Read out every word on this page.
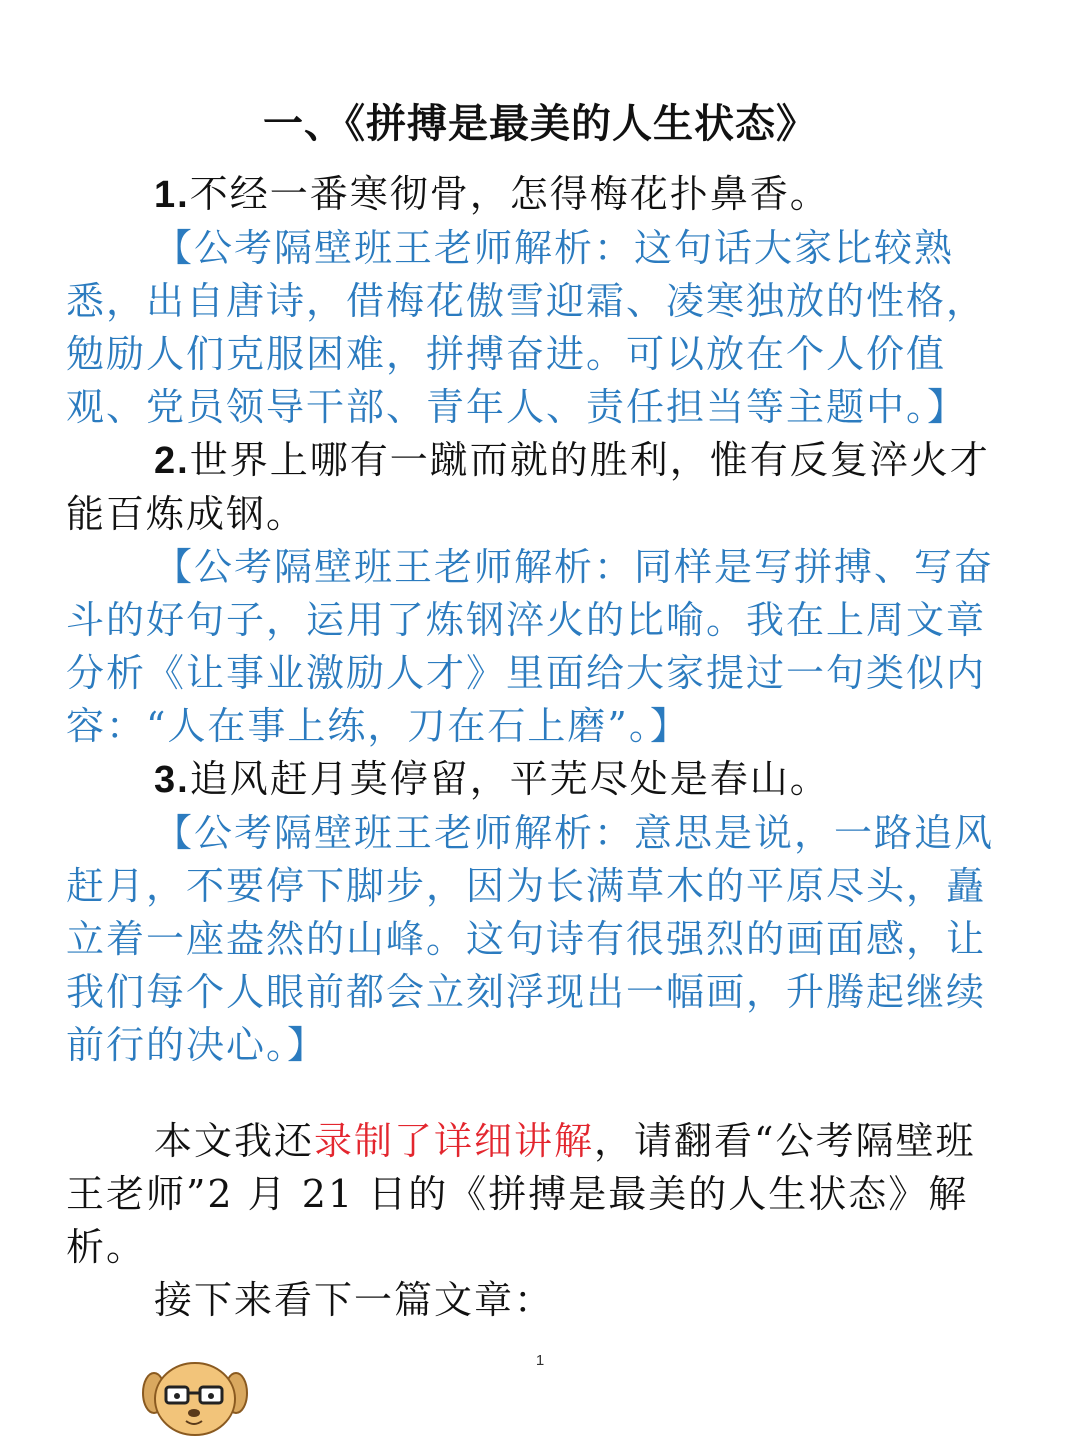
一、《拼搏是最美的人生状态》

1.不经一番寒彻骨，怎得梅花扑鼻香。

【公考隔壁班王老师解析：这句话大家比较熟悉，出自唐诗，借梅花傲雪迎霜、凌寒独放的性格，勉励人们克服困难，拼搏奋进。可以放在个人价值观、党员领导干部、青年人、责任担当等主题中。】

2.世界上哪有一蹴而就的胜利，惟有反复淬火才能百炼成钢。

【公考隔壁班王老师解析：同样是写拼搏、写奋斗的好句子，运用了炼钢淬火的比喻。我在上周文章分析《让事业激励人才》里面给大家提过一句类似内容：“人在事上练，刀在石上磨”。】

3.追风赶月莫停留，平芜尽处是春山。

【公考隔壁班王老师解析：意思是说，一路追风赶月，不要停下脚步，因为长满草木的平原尽头，矗立着一座盎然的山峰。这句诗有很强烈的画面感，让我们每个人眼前都会立刻浮现出一幅画，升腾起继续前行的决心。】

本文我还录制了详细讲解，请翻看“公考隔壁班王老师”2 月 21 日的《拼搏是最美的人生状态》解析。

接下来看下一篇文章：

1
